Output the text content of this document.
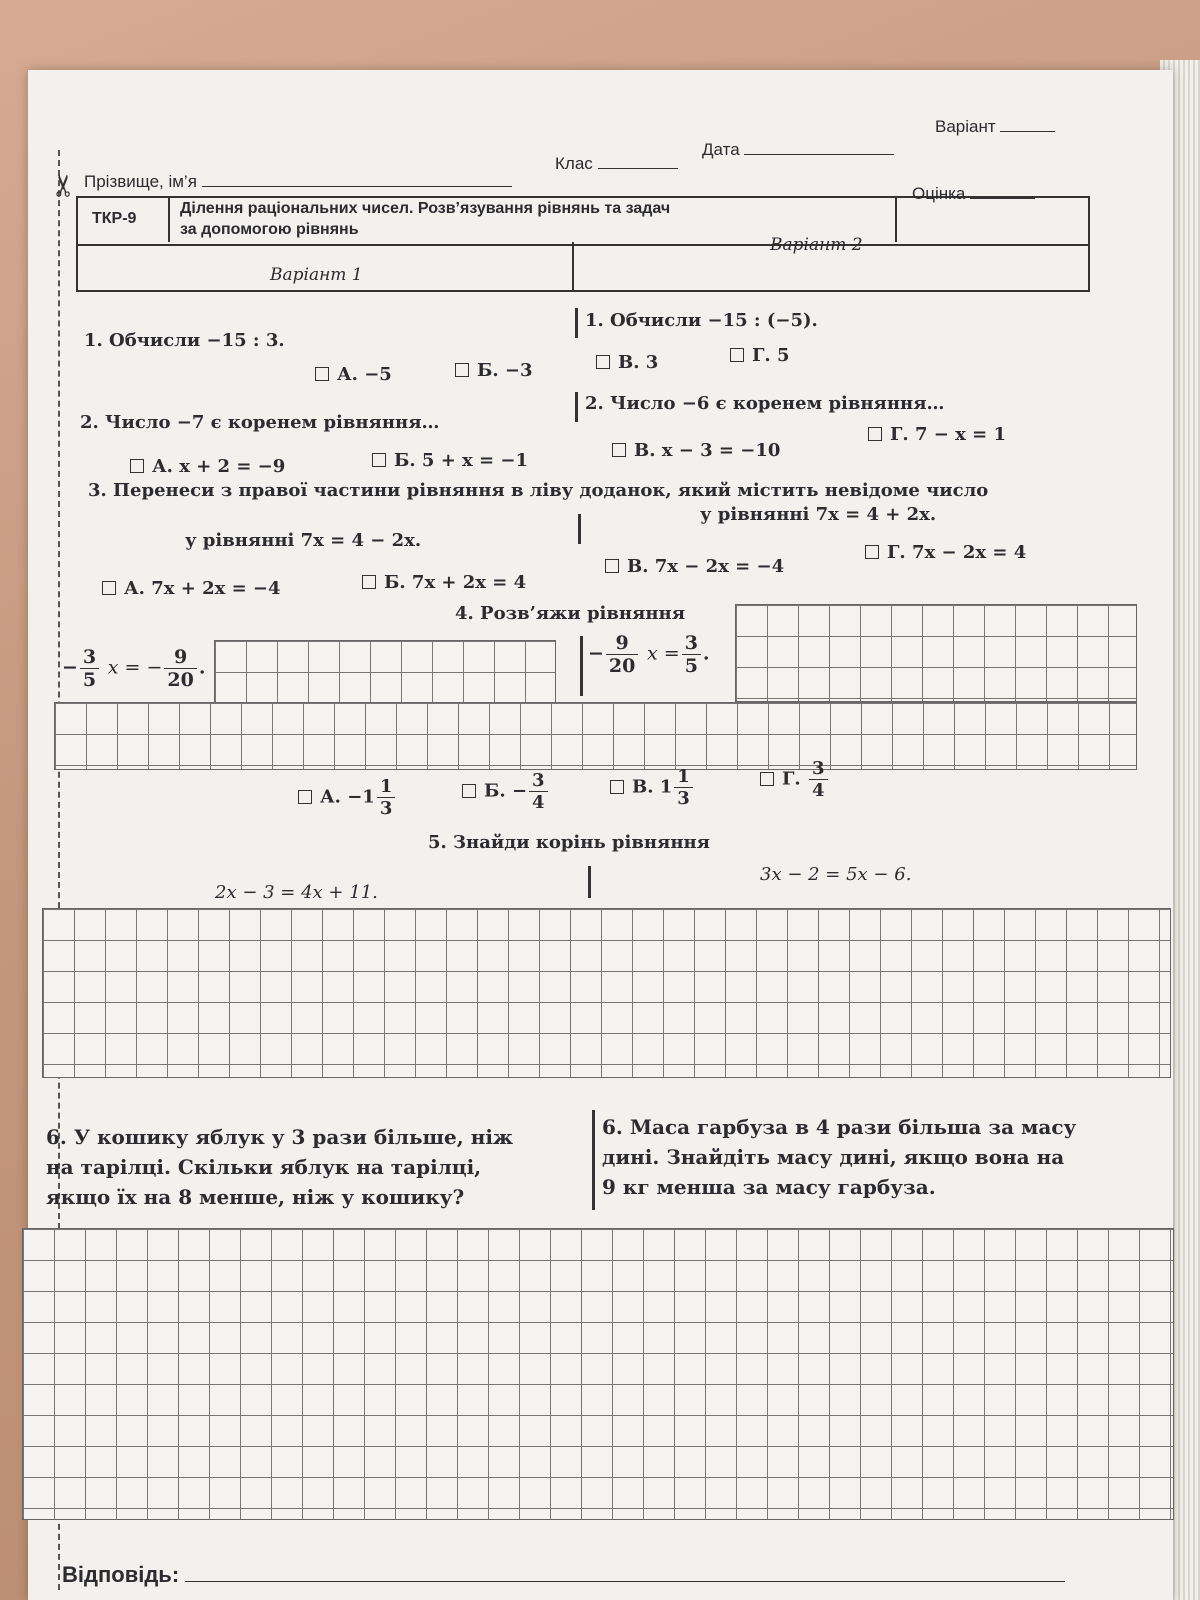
✂ Прізвище, ім’я
Клас
Дата
Варіант
ТКР-9
Ділення раціональних чисел. Розв’язування рівнянь та задач
за допомогою рівнянь
Оцінка
Варіант 1
Варіант 2
1. Обчисли −15 : 3.
1. Обчисли −15 : (−5).
А. −5	Б. −3	В. 3	Г. 5
2. Число −7 є коренем рівняння…
2. Число −6 є коренем рівняння…
А. x + 2 = −9	Б. 5 + x = −1	В. x − 3 = −10
Г. 7 − x = 1
3. Перенеси з правої частини рівняння в ліву доданок, який містить невідоме число
у рівнянні 7x = 4 − 2x.
у рівнянні 7x = 4 + 2x.
А. 7x + 2x = −4	Б. 7x + 2x = 4
В. 7x − 2x = −4
Г. 7x − 2x = 4
4. Розв’яжи рівняння
− $\frac{3}{5}$ x = − $\frac{9}{20}$ .
− $\frac{9}{20}$ $x = \frac{3}{5}$ .
А. $-1 \frac{1}{3}$	Б. − $\frac{3}{4}$	В. $1 \frac{1}{3}$	Г. $\frac{3}{4}$
5. Знайди корінь рівняння
2x − 3 = 4x + 11.
3x − 2 = 5x − 6.
6. У кошику яблук у 3 рази більше, ніж
на тарілці. Скільки яблук на тарілці,
якщо їх на 8 менше, ніж у кошику?
6. Маса гарбуза в 4 рази більша за масу
дині. Знайдіть масу дині, якщо вона на
9 кг менша за масу гарбуза.
Відповідь:
